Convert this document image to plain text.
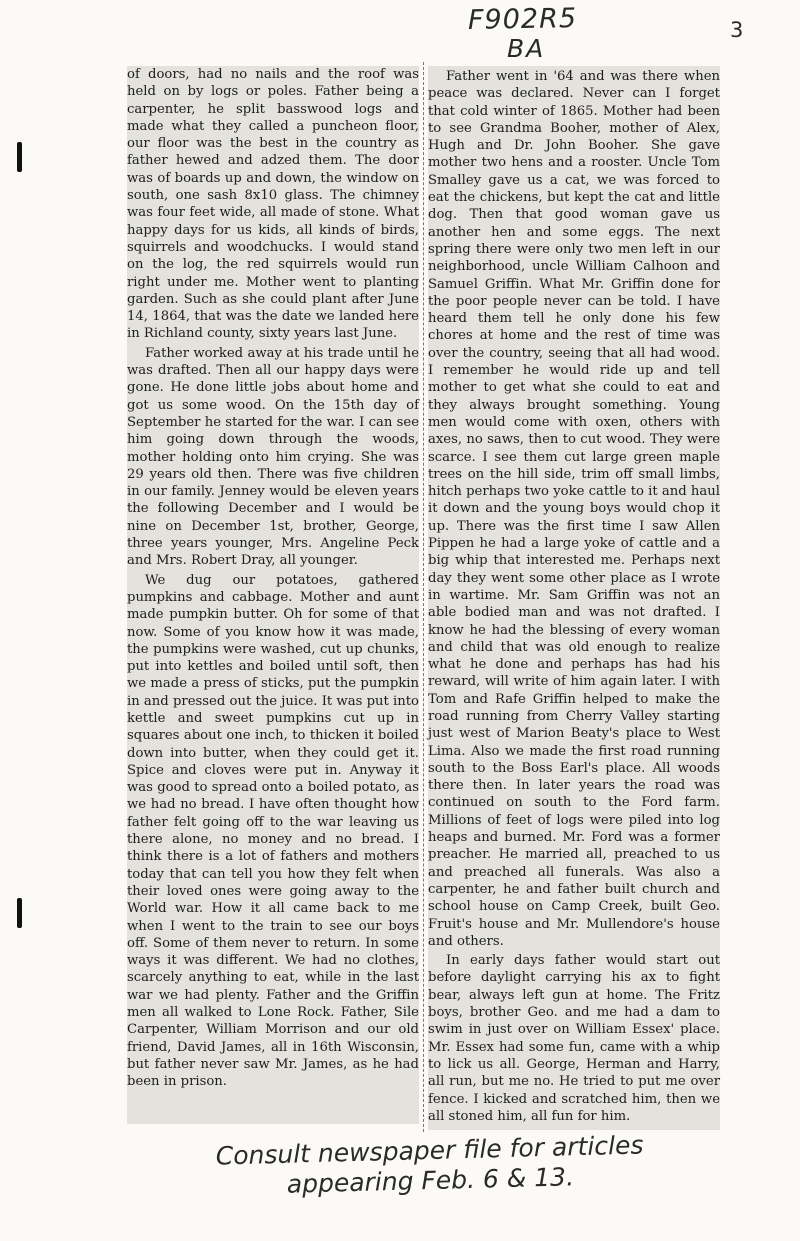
F902R5
BA
3

of doors, had no nails and the roof was held on by logs or poles. Father being a carpenter, he split basswood logs and made what they called a puncheon floor, our floor was the best in the country as father hewed and adzed them. The door was of boards up and down, the window on south, one sash 8x10 glass. The chimney was four feet wide, all made of stone. What happy days for us kids, all kinds of birds, squirrels and woodchucks. I would stand on the log, the red squirrels would run right under me. Mother went to planting garden. Such as she could plant after June 14, 1864, that was the date we landed here in Richland county, sixty years last June.

Father worked away at his trade until he was drafted. Then all our happy days were gone. He done little jobs about home and got us some wood. On the 15th day of September he started for the war. I can see him going down through the woods, mother holding onto him crying. She was 29 years old then. There was five children in our family. Jenney would be eleven years the following December and I would be nine on December 1st, brother, George, three years younger, Mrs. Angeline Peck and Mrs. Robert Dray, all younger.

We dug our potatoes, gathered pumpkins and cabbage. Mother and aunt made pumpkin butter. Oh for some of that now. Some of you know how it was made, the pumpkins were washed, cut up chunks, put into kettles and boiled until soft, then we made a press of sticks, put the pumpkin in and pressed out the juice. It was put into kettle and sweet pumpkins cut up in squares about one inch, to thicken it boiled down into butter, when they could get it. Spice and cloves were put in. Anyway it was good to spread onto a boiled potato, as we had no bread. I have often thought how father felt going off to the war leaving us there alone, no money and no bread. I think there is a lot of fathers and mothers today that can tell you how they felt when their loved ones were going away to the World war. How it all came back to me when I went to the train to see our boys off. Some of them never to return. In some ways it was different. We had no clothes, scarcely anything to eat, while in the last war we had plenty. Father and the Griffin men all walked to Lone Rock. Father, Sile Carpenter, William Morrison and our old friend, David James, all in 16th Wisconsin, but father never saw Mr. James, as he had been in prison.

Father went in '64 and was there when peace was declared. Never can I forget that cold winter of 1865. Mother had been to see Grandma Booher, mother of Alex, Hugh and Dr. John Booher. She gave mother two hens and a rooster. Uncle Tom Smalley gave us a cat, we was forced to eat the chickens, but kept the cat and little dog. Then that good woman gave us another hen and some eggs. The next spring there were only two men left in our neighborhood, uncle William Calhoon and Samuel Griffin. What Mr. Griffin done for the poor people never can be told. I have heard them tell he only done his few chores at home and the rest of time was over the country, seeing that all had wood. I remember he would ride up and tell mother to get what she could to eat and they always brought something. Young men would come with oxen, others with axes, no saws, then to cut wood. They were scarce. I see them cut large green maple trees on the hill side, trim off small limbs, hitch perhaps two yoke cattle to it and haul it down and the young boys would chop it up. There was the first time I saw Allen Pippen he had a large yoke of cattle and a big whip that interested me. Perhaps next day they went some other place as I wrote in wartime. Mr. Sam Griffin was not an able bodied man and was not drafted. I know he had the blessing of every woman and child that was old enough to realize what he done and perhaps has had his reward, will write of him again later. I with Tom and Rafe Griffin helped to make the road running from Cherry Valley starting just west of Marion Beaty's place to West Lima. Also we made the first road running south to the Boss Earl's place. All woods there then. In later years the road was continued on south to the Ford farm. Millions of feet of logs were piled into log heaps and burned. Mr. Ford was a former preacher. He married all, preached to us and preached all funerals. Was also a carpenter, he and father built church and school house on Camp Creek, built Geo. Fruit's house and Mr. Mullendore's house and others.

In early days father would start out before daylight carrying his ax to fight bear, always left gun at home. The Fritz boys, brother Geo. and me had a dam to swim in just over on William Essex' place. Mr. Essex had some fun, came with a whip to lick us all. George, Herman and Harry, all run, but me no. He tried to put me over fence. I kicked and scratched him, then we all stoned him, all fun for him.

Consult newspaper file for articles appearing Feb. 6 & 13.
